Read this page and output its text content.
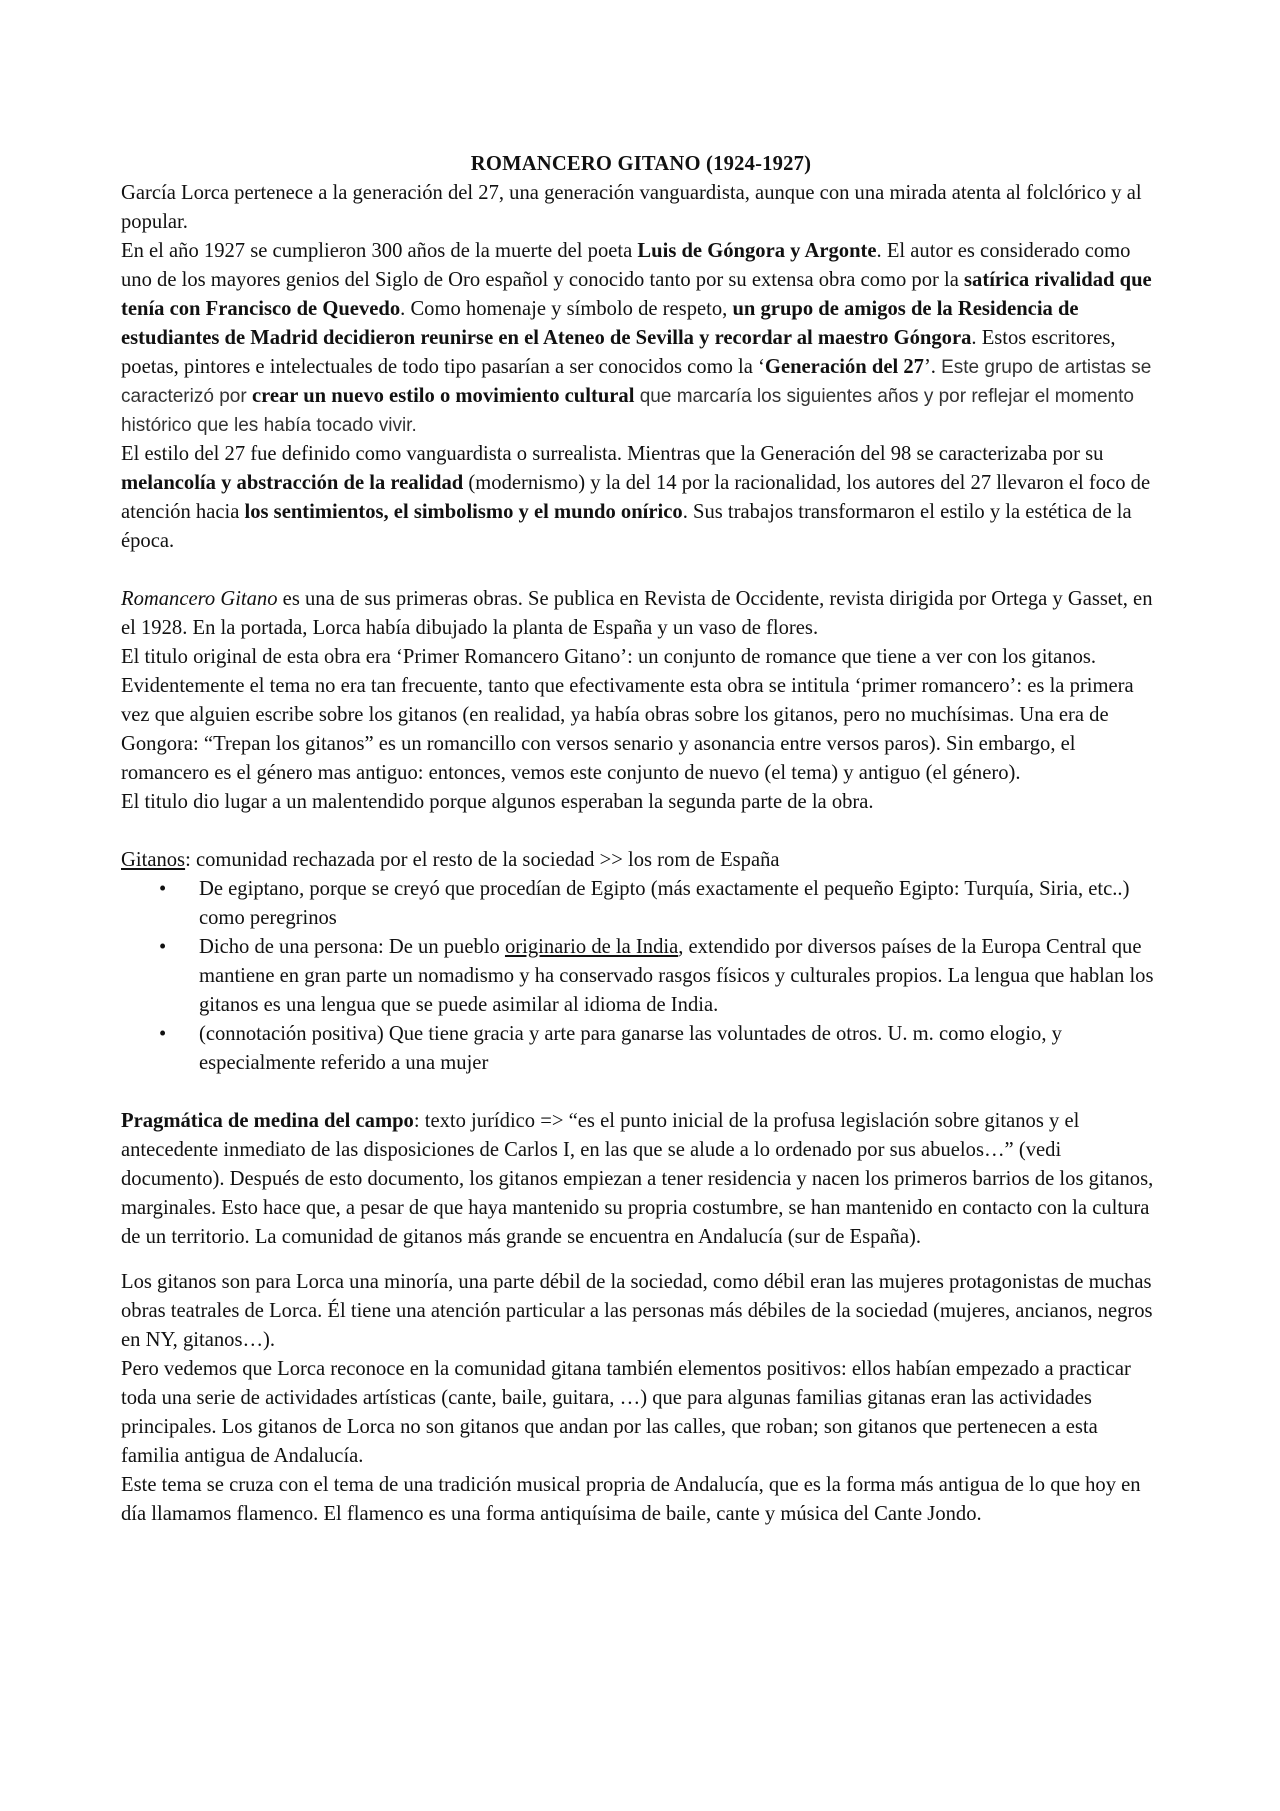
ROMANCERO GITANO (1924-1927)

García Lorca pertenece a la generación del 27, una generación vanguardista, aunque con una mirada atenta al folclórico y al popular.

En el año 1927 se cumplieron 300 años de la muerte del poeta Luis de Góngora y Argonte. El autor es considerado como uno de los mayores genios del Siglo de Oro español y conocido tanto por su extensa obra como por la satírica rivalidad que tenía con Francisco de Quevedo. Como homenaje y símbolo de respeto, un grupo de amigos de la Residencia de estudiantes de Madrid decidieron reunirse en el Ateneo de Sevilla y recordar al maestro Góngora. Estos escritores, poetas, pintores e intelectuales de todo tipo pasarían a ser conocidos como la ‘Generación del 27’. Este grupo de artistas se caracterizó por crear un nuevo estilo o movimiento cultural que marcaría los siguientes años y por reflejar el momento histórico que les había tocado vivir.

El estilo del 27 fue definido como vanguardista o surrealista. Mientras que la Generación del 98 se caracterizaba por su melancolía y abstracción de la realidad (modernismo) y la del 14 por la racionalidad, los autores del 27 llevaron el foco de atención hacia los sentimientos, el simbolismo y el mundo onírico. Sus trabajos transformaron el estilo y la estética de la época.

Romancero Gitano es una de sus primeras obras. Se publica en Revista de Occidente, revista dirigida por Ortega y Gasset, en el 1928. En la portada, Lorca había dibujado la planta de España y un vaso de flores.

El titulo original de esta obra era ‘Primer Romancero Gitano’: un conjunto de romance que tiene a ver con los gitanos. Evidentemente el tema no era tan frecuente, tanto que efectivamente esta obra se intitula ‘primer romancero’: es la primera vez que alguien escribe sobre los gitanos (en realidad, ya había obras sobre los gitanos, pero no muchísimas. Una era de Gongora: “Trepan los gitanos” es un romancillo con versos senario y asonancia entre versos paros). Sin embargo, el romancero es el género mas antiguo: entonces, vemos este conjunto de nuevo (el tema) y antiguo (el género).

El titulo dio lugar a un malentendido porque algunos esperaban la segunda parte de la obra.

Gitanos: comunidad rechazada por el resto de la sociedad >> los rom de España

• De egiptano, porque se creyó que procedían de Egipto (más exactamente el pequeño Egipto: Turquía, Siria, etc..) como peregrinos
• Dicho de una persona: De un pueblo originario de la India, extendido por diversos países de la Europa Central que mantiene en gran parte un nomadismo y ha conservado rasgos físicos y culturales propios. La lengua que hablan los gitanos es una lengua que se puede asimilar al idioma de India.
• (connotación positiva) Que tiene gracia y arte para ganarse las voluntades de otros. U. m. como elogio, y especialmente referido a una mujer

Pragmática de medina del campo: texto jurídico => “es el punto inicial de la profusa legislación sobre gitanos y el antecedente inmediato de las disposiciones de Carlos I, en las que se alude a lo ordenado por sus abuelos…” (vedi documento). Después de esto documento, los gitanos empiezan a tener residencia y nacen los primeros barrios de los gitanos, marginales. Esto hace que, a pesar de que haya mantenido su propria costumbre, se han mantenido en contacto con la cultura de un territorio. La comunidad de gitanos más grande se encuentra en Andalucía (sur de España).

Los gitanos son para Lorca una minoría, una parte débil de la sociedad, como débil eran las mujeres protagonistas de muchas obras teatrales de Lorca. Él tiene una atención particular a las personas más débiles de la sociedad (mujeres, ancianos, negros en NY, gitanos…).

Pero vedemos que Lorca reconoce en la comunidad gitana también elementos positivos: ellos habían empezado a practicar toda una serie de actividades artísticas (cante, baile, guitara, …) que para algunas familias gitanas eran las actividades principales. Los gitanos de Lorca no son gitanos que andan por las calles, que roban; son gitanos que pertenecen a esta familia antigua de Andalucía.

Este tema se cruza con el tema de una tradición musical propria de Andalucía, que es la forma más antigua de lo que hoy en día llamamos flamenco. El flamenco es una forma antiquísima de baile, cante y música del Cante Jondo.
